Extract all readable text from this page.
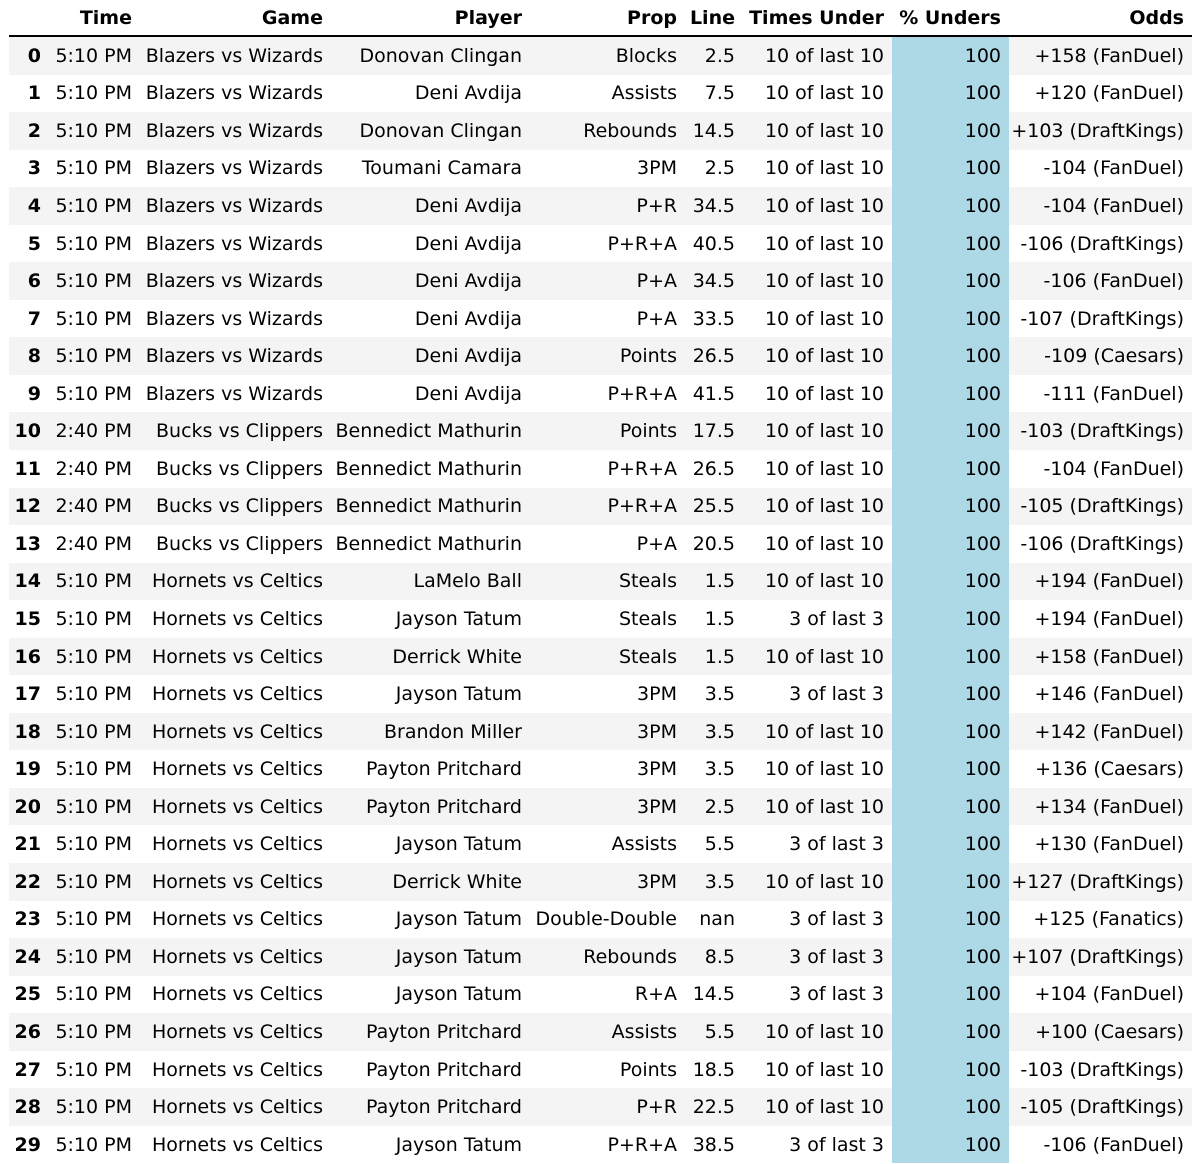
	Time	Game	Player	Prop	Line	Times Under	% Unders	Odds
0	5:10 PM	Blazers vs Wizards	Donovan Clingan	Blocks	2.5	10 of last 10	100	+158 (FanDuel)
1	5:10 PM	Blazers vs Wizards	Deni Avdija	Assists	7.5	10 of last 10	100	+120 (FanDuel)
2	5:10 PM	Blazers vs Wizards	Donovan Clingan	Rebounds	14.5	10 of last 10	100	+103 (DraftKings)
3	5:10 PM	Blazers vs Wizards	Toumani Camara	3PM	2.5	10 of last 10	100	-104 (FanDuel)
4	5:10 PM	Blazers vs Wizards	Deni Avdija	P+R	34.5	10 of last 10	100	-104 (FanDuel)
5	5:10 PM	Blazers vs Wizards	Deni Avdija	P+R+A	40.5	10 of last 10	100	-106 (DraftKings)
6	5:10 PM	Blazers vs Wizards	Deni Avdija	P+A	34.5	10 of last 10	100	-106 (FanDuel)
7	5:10 PM	Blazers vs Wizards	Deni Avdija	P+A	33.5	10 of last 10	100	-107 (DraftKings)
8	5:10 PM	Blazers vs Wizards	Deni Avdija	Points	26.5	10 of last 10	100	-109 (Caesars)
9	5:10 PM	Blazers vs Wizards	Deni Avdija	P+R+A	41.5	10 of last 10	100	-111 (FanDuel)
10	2:40 PM	Bucks vs Clippers	Bennedict Mathurin	Points	17.5	10 of last 10	100	-103 (DraftKings)
11	2:40 PM	Bucks vs Clippers	Bennedict Mathurin	P+R+A	26.5	10 of last 10	100	-104 (FanDuel)
12	2:40 PM	Bucks vs Clippers	Bennedict Mathurin	P+R+A	25.5	10 of last 10	100	-105 (DraftKings)
13	2:40 PM	Bucks vs Clippers	Bennedict Mathurin	P+A	20.5	10 of last 10	100	-106 (DraftKings)
14	5:10 PM	Hornets vs Celtics	LaMelo Ball	Steals	1.5	10 of last 10	100	+194 (FanDuel)
15	5:10 PM	Hornets vs Celtics	Jayson Tatum	Steals	1.5	3 of last 3	100	+194 (FanDuel)
16	5:10 PM	Hornets vs Celtics	Derrick White	Steals	1.5	10 of last 10	100	+158 (FanDuel)
17	5:10 PM	Hornets vs Celtics	Jayson Tatum	3PM	3.5	3 of last 3	100	+146 (FanDuel)
18	5:10 PM	Hornets vs Celtics	Brandon Miller	3PM	3.5	10 of last 10	100	+142 (FanDuel)
19	5:10 PM	Hornets vs Celtics	Payton Pritchard	3PM	3.5	10 of last 10	100	+136 (Caesars)
20	5:10 PM	Hornets vs Celtics	Payton Pritchard	3PM	2.5	10 of last 10	100	+134 (FanDuel)
21	5:10 PM	Hornets vs Celtics	Jayson Tatum	Assists	5.5	3 of last 3	100	+130 (FanDuel)
22	5:10 PM	Hornets vs Celtics	Derrick White	3PM	3.5	10 of last 10	100	+127 (DraftKings)
23	5:10 PM	Hornets vs Celtics	Jayson Tatum	Double-Double	nan	3 of last 3	100	+125 (Fanatics)
24	5:10 PM	Hornets vs Celtics	Jayson Tatum	Rebounds	8.5	3 of last 3	100	+107 (DraftKings)
25	5:10 PM	Hornets vs Celtics	Jayson Tatum	R+A	14.5	3 of last 3	100	+104 (FanDuel)
26	5:10 PM	Hornets vs Celtics	Payton Pritchard	Assists	5.5	10 of last 10	100	+100 (Caesars)
27	5:10 PM	Hornets vs Celtics	Payton Pritchard	Points	18.5	10 of last 10	100	-103 (DraftKings)
28	5:10 PM	Hornets vs Celtics	Payton Pritchard	P+R	22.5	10 of last 10	100	-105 (DraftKings)
29	5:10 PM	Hornets vs Celtics	Jayson Tatum	P+R+A	38.5	3 of last 3	100	-106 (FanDuel)
